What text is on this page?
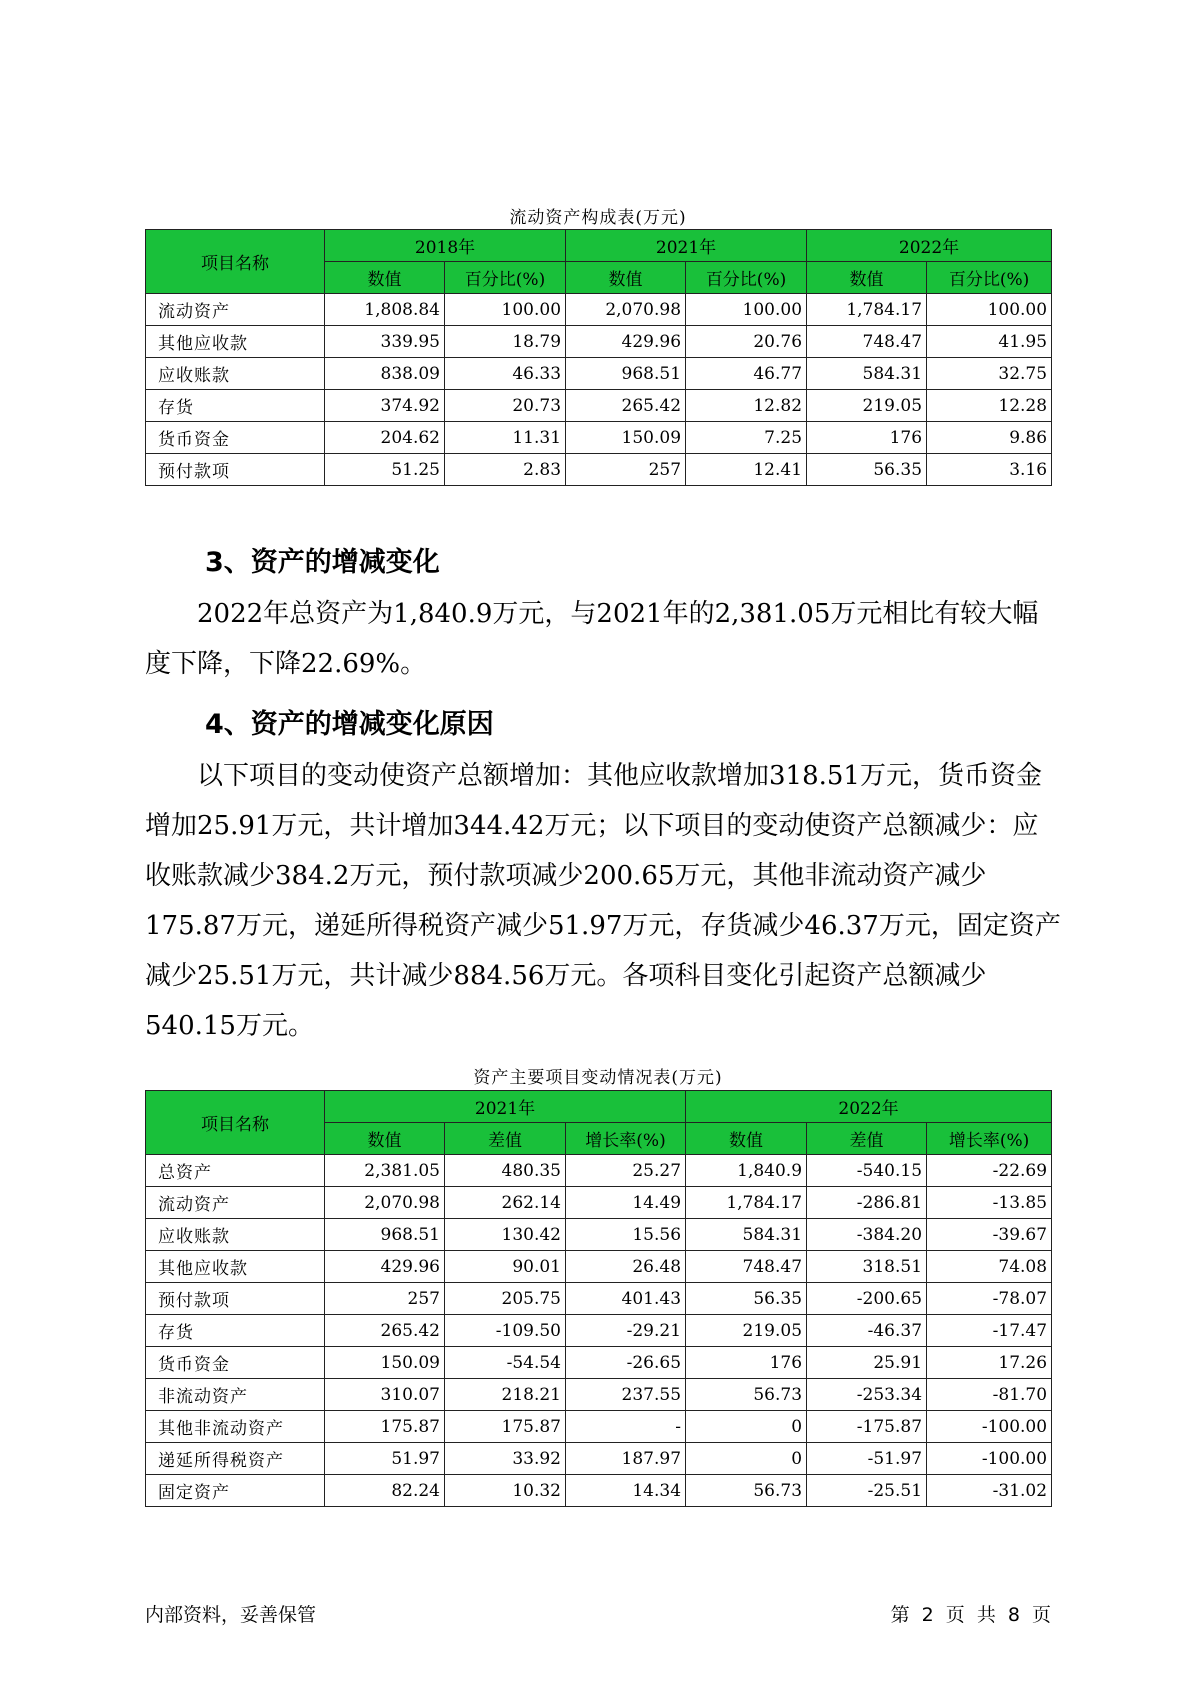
流动资产构成表(万元)
项目名称	2018年		2021年		2022年	
	数值	百分比(%)	数值	百分比(%)	数值	百分比(%)
流动资产	1,808.84	100.00	2,070.98	100.00	1,784.17	100.00
其他应收款	339.95	18.79	429.96	20.76	748.47	41.95
应收账款	838.09	46.33	968.51	46.77	584.31	32.75
存货	374.92	20.73	265.42	12.82	219.05	12.28
货币资金	204.62	11.31	150.09	7.25	176	9.86
预付款项	51.25	2.83	257	12.41	56.35	3.16
3、资产的增减变化

2022年总资产为1,840.9万元，与2021年的2,381.05万元相比有较大幅度下降，下降22.69%。

4、资产的增减变化原因

以下项目的变动使资产总额增加：其他应收款增加318.51万元，货币资金增加25.91万元，共计增加344.42万元；以下项目的变动使资产总额减少：应收账款减少384.2万元，预付款项减少200.65万元，其他非流动资产减少175.87万元，递延所得税资产减少51.97万元，存货减少46.37万元，固定资产减少25.51万元，共计减少884.56万元。各项科目变化引起资产总额减少540.15万元。

资产主要项目变动情况表(万元)
项目名称	2021年			2022年		
	数值	差值	增长率(%)	数值	差值	增长率(%)
总资产	2,381.05	480.35	25.27	1,840.9	-540.15	-22.69
流动资产	2,070.98	262.14	14.49	1,784.17	-286.81	-13.85
应收账款	968.51	130.42	15.56	584.31	-384.20	-39.67
其他应收款	429.96	90.01	26.48	748.47	318.51	74.08
预付款项	257	205.75	401.43	56.35	-200.65	-78.07
存货	265.42	-109.50	-29.21	219.05	-46.37	-17.47
货币资金	150.09	-54.54	-26.65	176	25.91	17.26
非流动资产	310.07	218.21	237.55	56.73	-253.34	-81.70
其他非流动资产	175.87	175.87	-	0	-175.87	-100.00
递延所得税资产	51.97	33.92	187.97	0	-51.97	-100.00
固定资产	82.24	10.32	14.34	56.73	-25.51	-31.02
内部资料，妥善保管	第 2 页 共 8 页
